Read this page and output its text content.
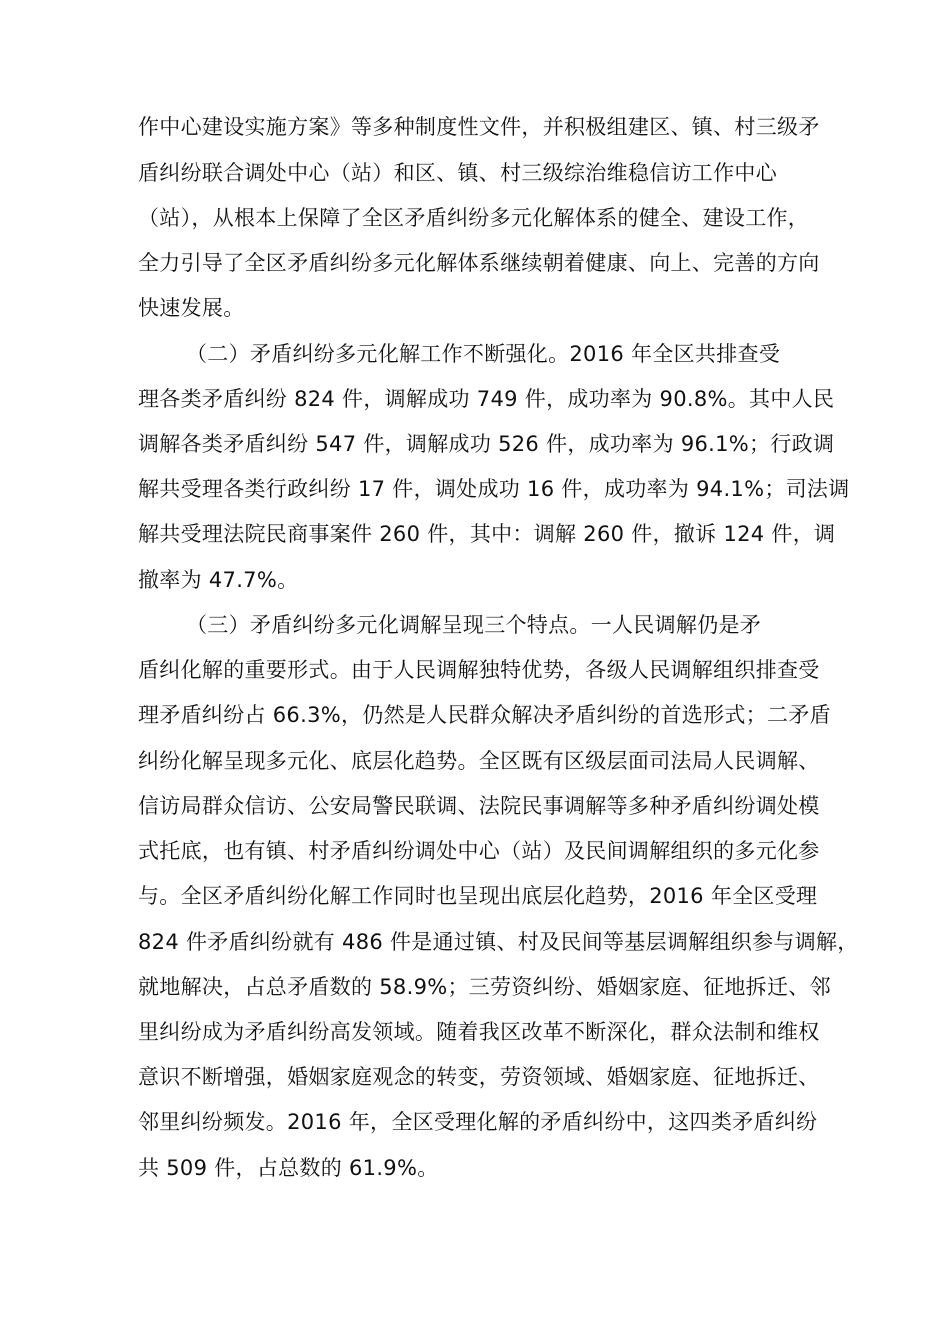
作中心建设实施方案》等多种制度性文件，并积极组建区、镇、村三级矛
盾纠纷联合调处中心（站）和区、镇、村三级综治维稳信访工作中心
（站），从根本上保障了全区矛盾纠纷多元化解体系的健全、建设工作，
全力引导了全区矛盾纠纷多元化解体系继续朝着健康、向上、完善的方向
快速发展。
（二）矛盾纠纷多元化解工作不断强化。2016 年全区共排查受
理各类矛盾纠纷 824 件，调解成功 749 件，成功率为 90.8%。其中人民
调解各类矛盾纠纷 547 件，调解成功 526 件，成功率为 96.1%；行政调
解共受理各类行政纠纷 17 件，调处成功 16 件，成功率为 94.1%；司法调
解共受理法院民商事案件 260 件，其中：调解 260 件，撤诉 124 件，调
撤率为 47.7%。
（三）矛盾纠纷多元化调解呈现三个特点。一人民调解仍是矛
盾纠化解的重要形式。由于人民调解独特优势，各级人民调解组织排查受
理矛盾纠纷占 66.3%，仍然是人民群众解决矛盾纠纷的首选形式；二矛盾
纠纷化解呈现多元化、底层化趋势。全区既有区级层面司法局人民调解、
信访局群众信访、公安局警民联调、法院民事调解等多种矛盾纠纷调处模
式托底，也有镇、村矛盾纠纷调处中心（站）及民间调解组织的多元化参
与。全区矛盾纠纷化解工作同时也呈现出底层化趋势，2016 年全区受理
824 件矛盾纠纷就有 486 件是通过镇、村及民间等基层调解组织参与调解，
就地解决，占总矛盾数的 58.9%；三劳资纠纷、婚姻家庭、征地拆迁、邻
里纠纷成为矛盾纠纷高发领域。随着我区改革不断深化，群众法制和维权
意识不断增强，婚姻家庭观念的转变，劳资领域、婚姻家庭、征地拆迁、
邻里纠纷频发。2016 年，全区受理化解的矛盾纠纷中，这四类矛盾纠纷
共 509 件，占总数的 61.9%。
